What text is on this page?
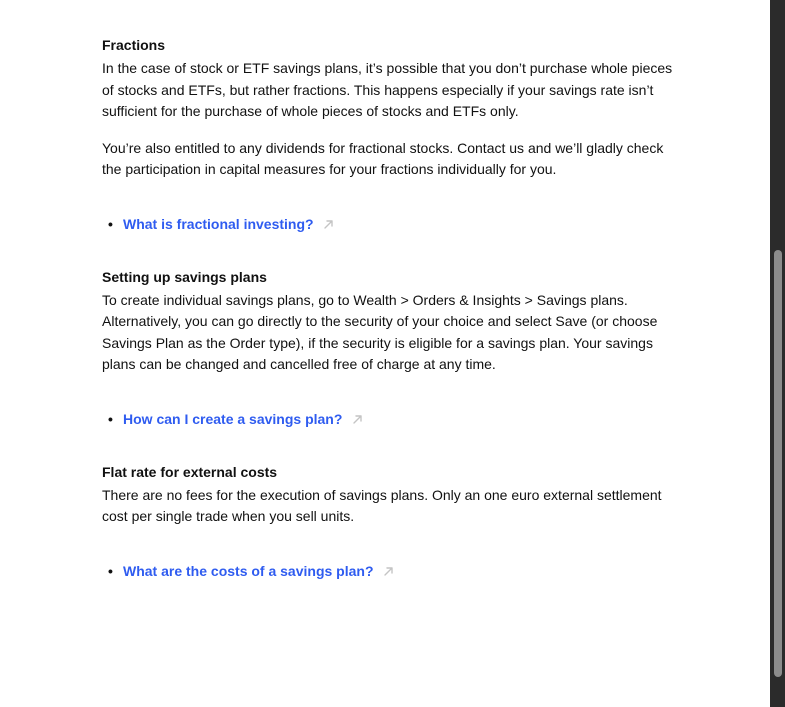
Fractions

In the case of stock or ETF savings plans, it’s possible that you don’t purchase whole pieces of stocks and ETFs, but rather fractions. This happens especially if your savings rate isn’t sufficient for the purchase of whole pieces of stocks and ETFs only.

You’re also entitled to any dividends for fractional stocks. Contact us and we’ll gladly check the participation in capital measures for your fractions individually for you.

• What is fractional investing?
Setting up savings plans

To create individual savings plans, go to Wealth > Orders & Insights > Savings plans. Alternatively, you can go directly to the security of your choice and select Save (or choose Savings Plan as the Order type), if the security is eligible for a savings plan. Your savings plans can be changed and cancelled free of charge at any time.

• How can I create a savings plan?
Flat rate for external costs

There are no fees for the execution of savings plans. Only an one euro external settlement cost per single trade when you sell units.

• What are the costs of a savings plan?
